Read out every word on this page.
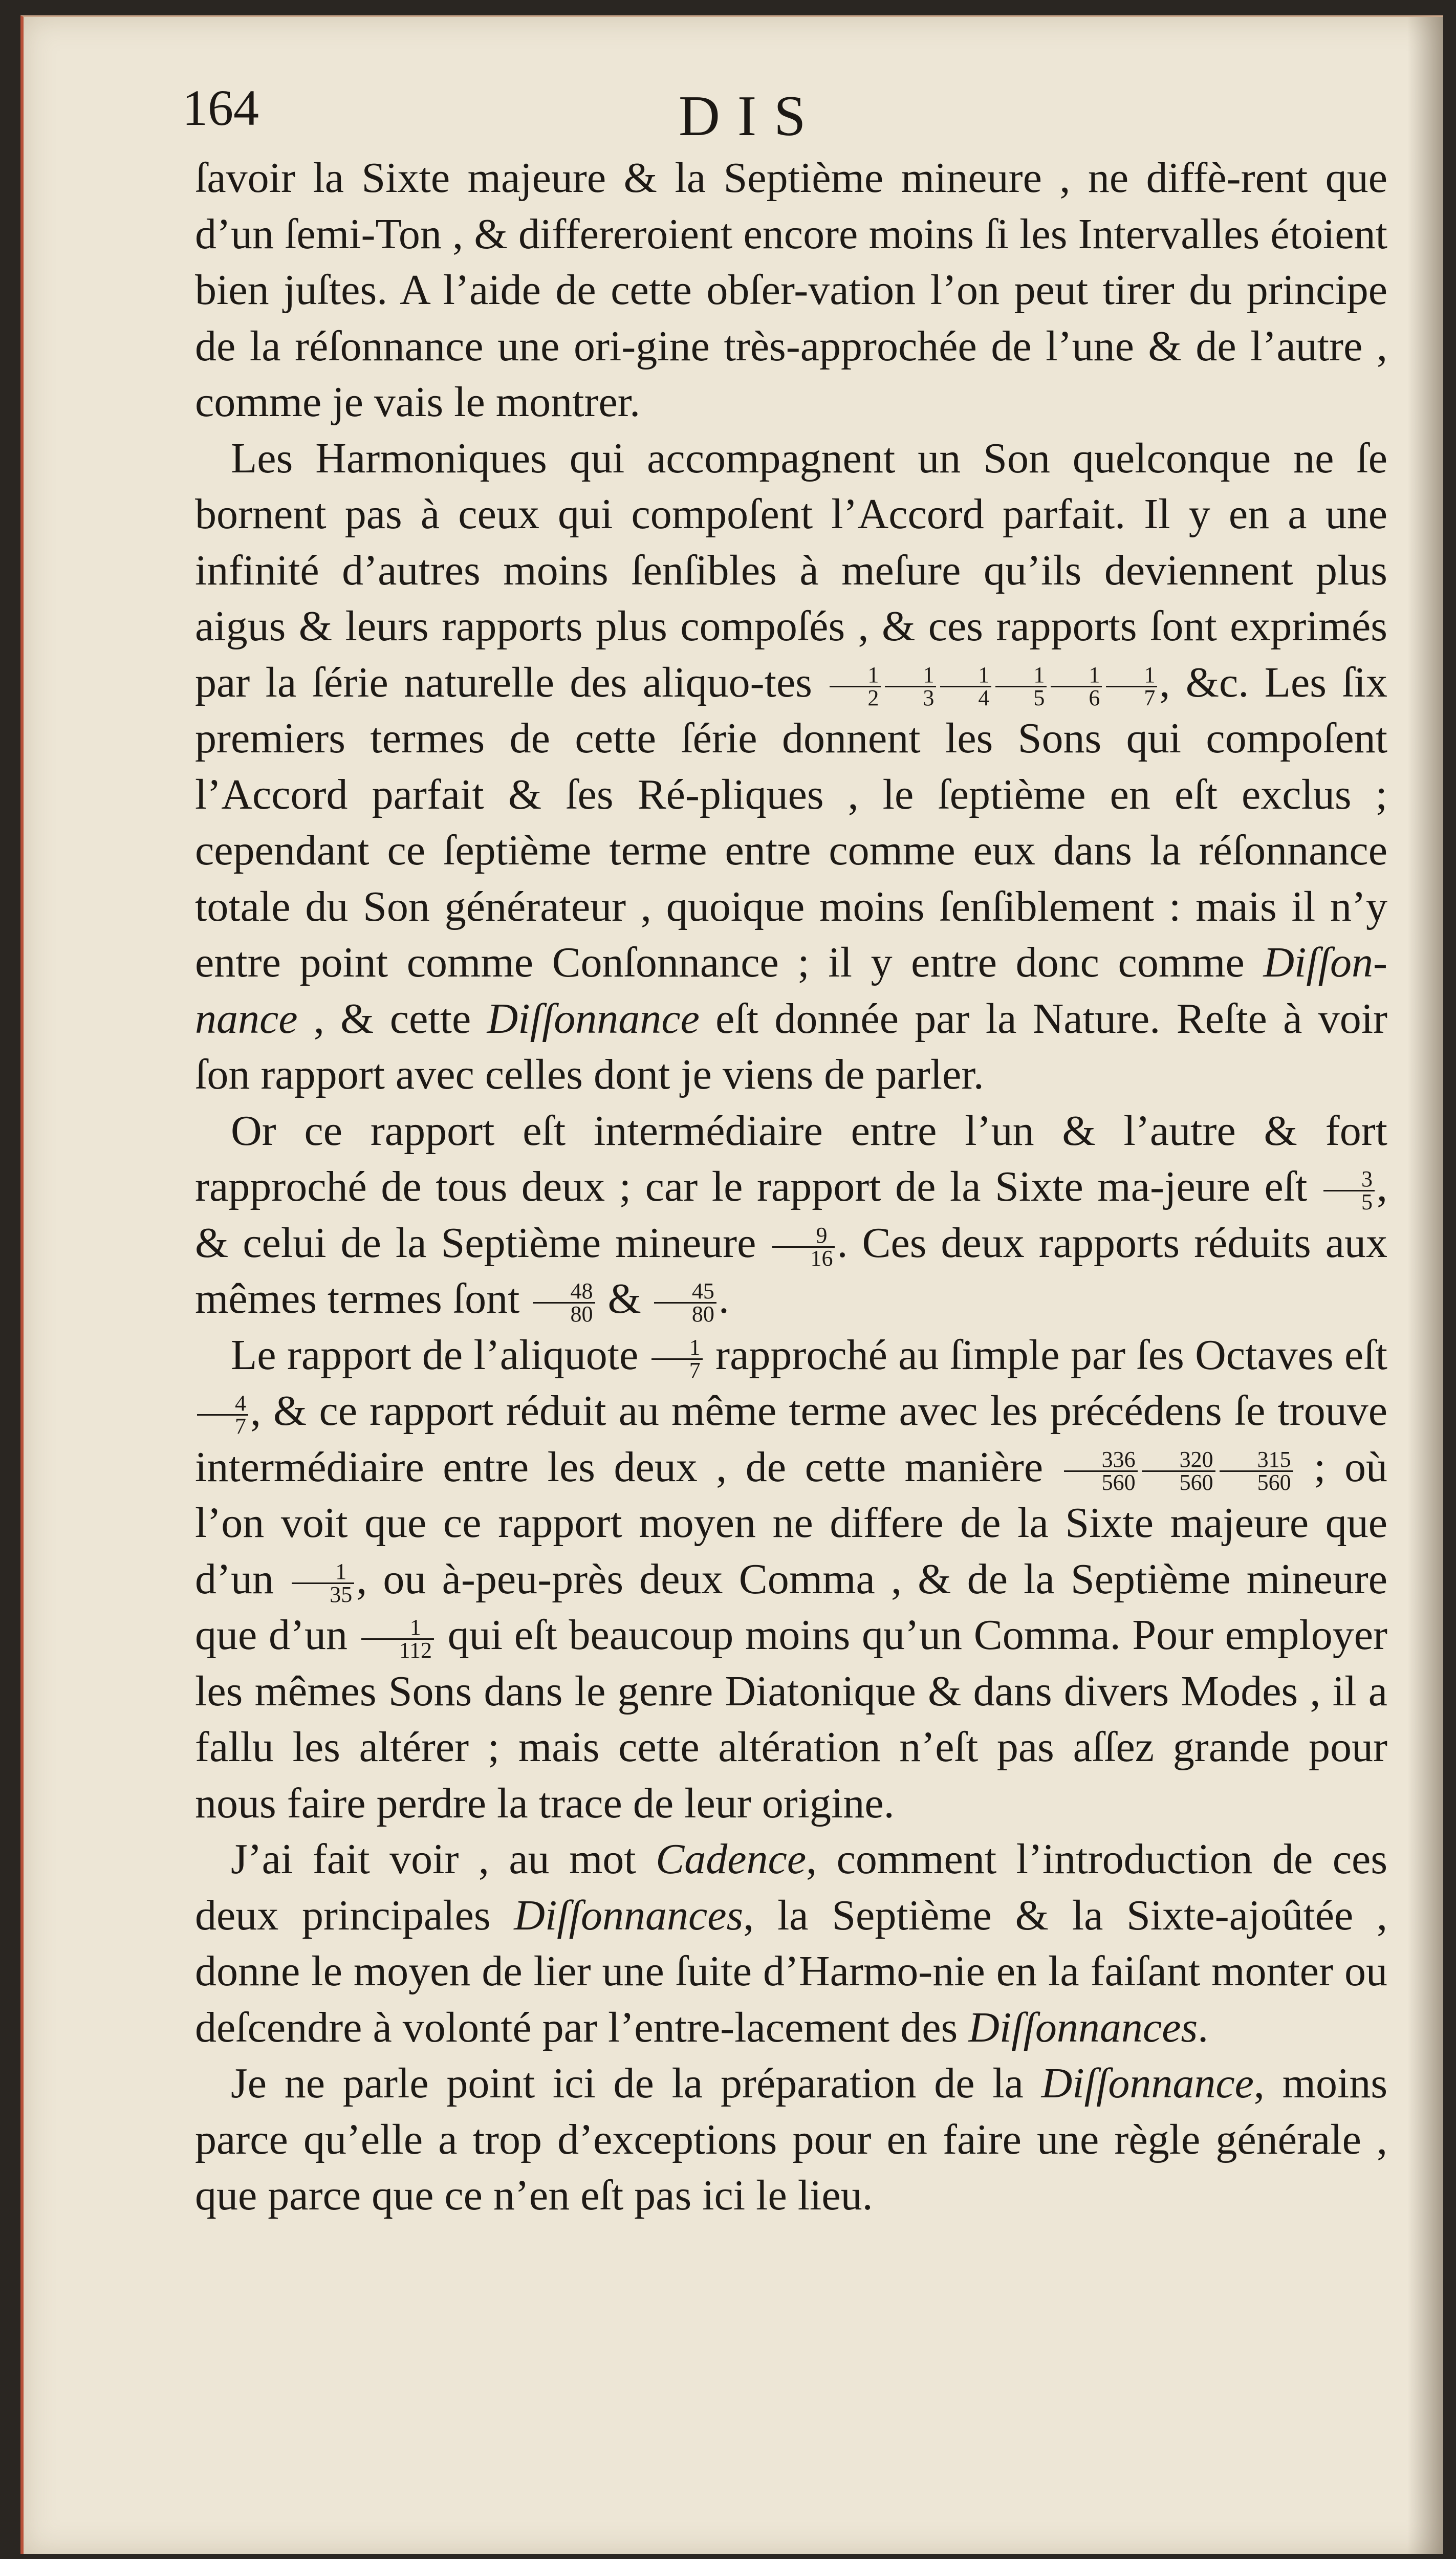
164	DIS

ſavoir la Sixte majeure & la Septième mineure , ne diffè-rent que d’un ſemi-Ton , & differeroient encore moins ſi les Intervalles étoient bien juſtes. A l’aide de cette obſer-vation l’on peut tirer du principe de la réſonnance une ori-gine très-approchée de l’une & de l’autre , comme je vais le montrer.

Les Harmoniques qui accompagnent un Son quelconque ne ſe bornent pas à ceux qui compoſent l’Accord parfait. Il y en a une infinité d’autres moins ſenſibles à meſure qu’ils deviennent plus aigus & leurs rapports plus compoſés , & ces rapports ſont exprimés par la ſérie naturelle des aliquo-tes $\frac{1}{2} \frac{1}{3} \frac{1}{4} \frac{1}{5} \frac{1}{6} \frac{1}{7}$ , &c. Les ſix premiers termes de cette ſérie donnent les Sons qui compoſent l’Accord parfait & ſes Ré-pliques , le ſeptième en eſt exclus ; cependant ce ſeptième terme entre comme eux dans la réſonnance totale du Son générateur , quoique moins ſenſiblement : mais il n’y entre point comme Conſonnance ; il y entre donc comme Diſſon-nance , & cette Diſſonnance eſt donnée par la Nature. Reſte à voir ſon rapport avec celles dont je viens de parler.

Or ce rapport eſt intermédiaire entre l’un & l’autre & fort rapproché de tous deux ; car le rapport de la Sixte ma-jeure eſt $\frac{3}{5}$ , & celui de la Septième mineure $\frac{9}{16}$ . Ces deux rapports réduits aux mêmes termes ſont $\frac{48}{80}$ & $\frac{45}{80}$ .

Le rapport de l’aliquote $\frac{1}{7}$ rapproché au ſimple par ſes Octaves eſt
$\frac{4}{7}$ , & ce rapport réduit au même terme avec les précédens ſe trouve intermédiaire entre les deux , de cette manière $\frac{336}{560} \frac{320}{560} \frac{315}{560}$ ; où l’on voit que ce rapport moyen ne differe de la Sixte majeure que d’un $\frac{1}{35}$ , ou à-peu-près deux Comma , & de la Septième mineure que d’un $\frac{1}{112}$ qui eſt beaucoup moins qu’un Comma. Pour employer les mêmes Sons dans le genre Diatonique & dans divers Modes , il a fallu les altérer ; mais cette altération n’eſt pas aſſez grande pour nous faire perdre la trace de leur origine.

J’ai fait voir , au mot Cadence, comment l’introduction de ces deux principales Diſſonnances, la Septième & la Sixte-ajoûtée , donne le moyen de lier une ſuite d’Harmo-nie en la faiſant monter ou deſcendre à volonté par l’entre-lacement des Diſſonnances.

Je ne parle point ici de la préparation de la Diſſonnance, moins parce qu’elle a trop d’exceptions pour en faire une règle générale , que parce que ce n’en eſt pas ici le lieu.
